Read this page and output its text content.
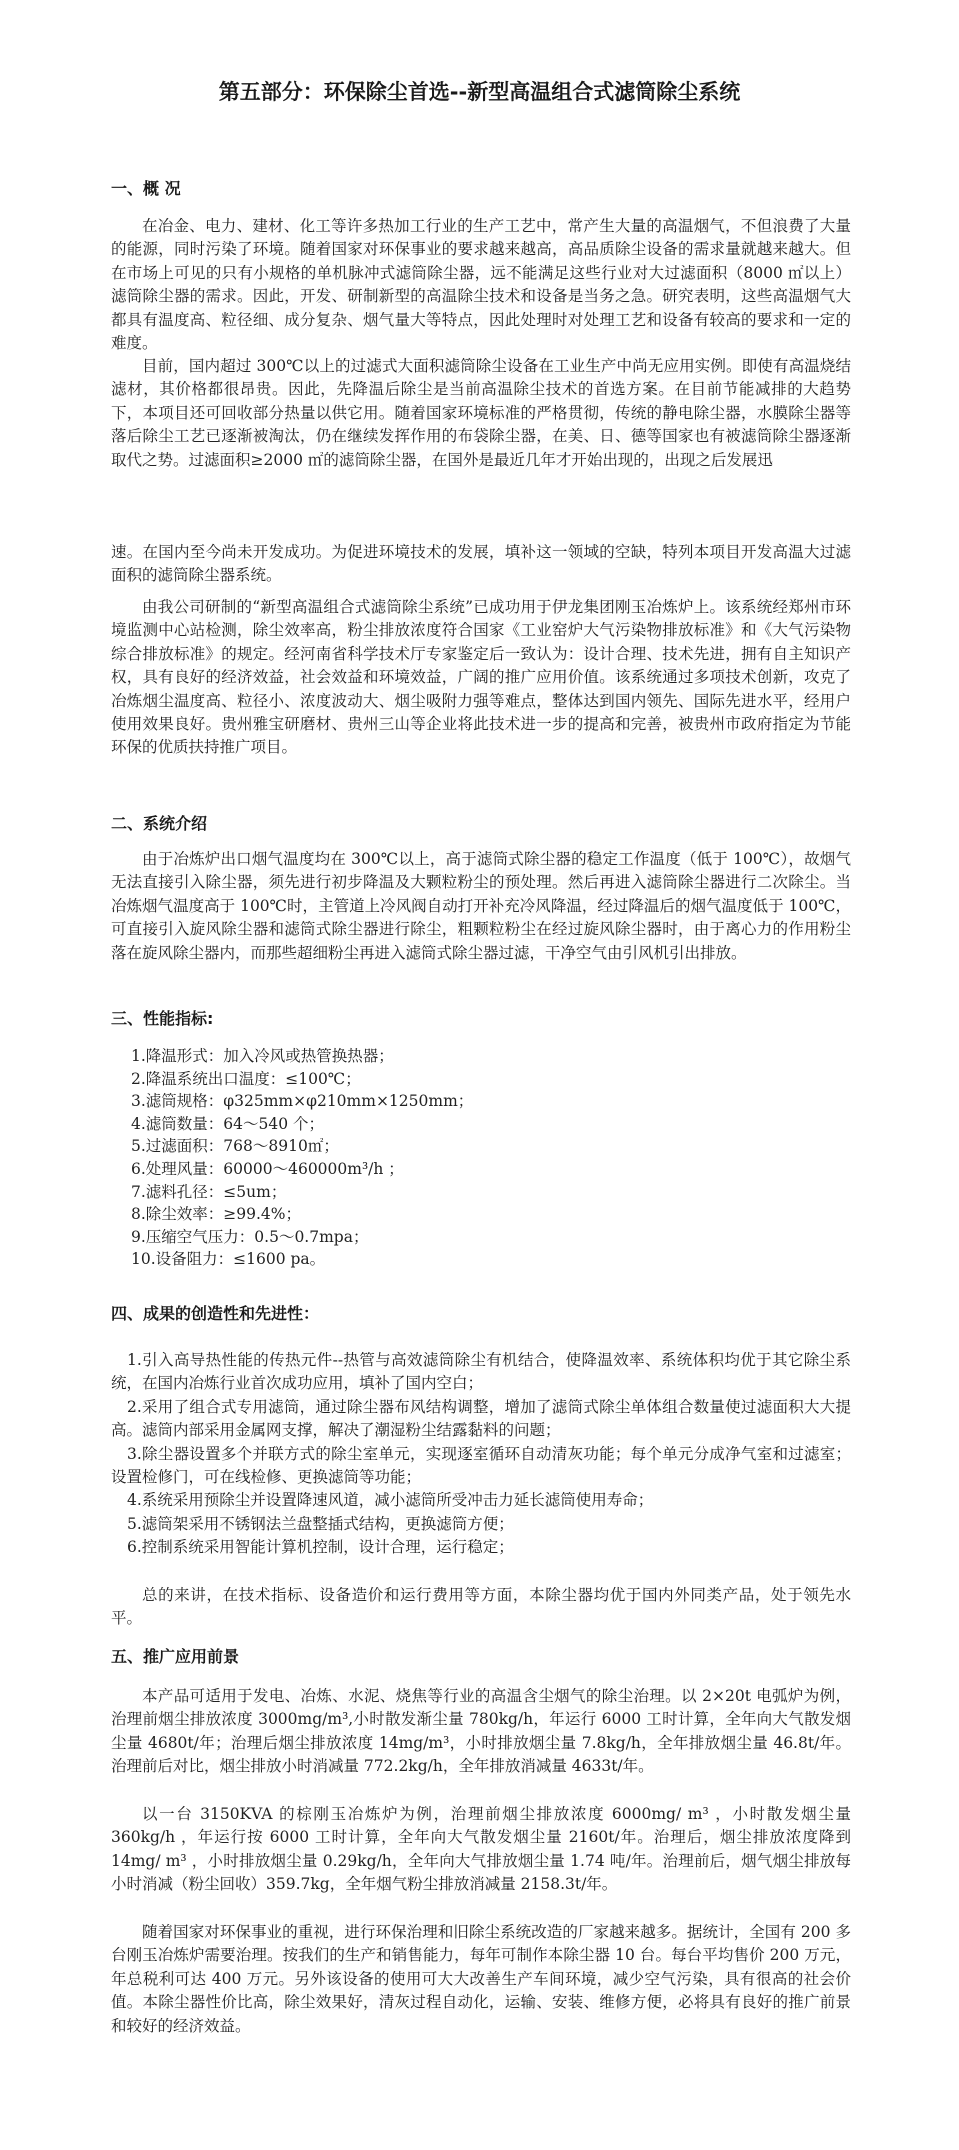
第五部分：环保除尘首选--新型高温组合式滤筒除尘系统
一、概 况

在冶金、电力、建材、化工等许多热加工行业的生产工艺中，常产生大量的高温烟气，不但浪费了大量的能源，同时污染了环境。随着国家对环保事业的要求越来越高，高品质除尘设备的需求量就越来越大。但在市场上可见的只有小规格的单机脉冲式滤筒除尘器，远不能满足这些行业对大过滤面积（8000 ㎡以上）滤筒除尘器的需求。因此，开发、研制新型的高温除尘技术和设备是当务之急。研究表明，这些高温烟气大都具有温度高、粒径细、成分复杂、烟气量大等特点，因此处理时对处理工艺和设备有较高的要求和一定的难度。

目前，国内超过 300℃以上的过滤式大面积滤筒除尘设备在工业生产中尚无应用实例。即使有高温烧结滤材，其价格都很昂贵。因此，先降温后除尘是当前高温除尘技术的首选方案。在目前节能减排的大趋势下，本项目还可回收部分热量以供它用。随着国家环境标准的严格贯彻，传统的静电除尘器，水膜除尘器等落后除尘工艺已逐渐被淘汰，仍在继续发挥作用的布袋除尘器，在美、日、德等国家也有被滤筒除尘器逐渐取代之势。过滤面积≥2000 ㎡的滤筒除尘器，在国外是最近几年才开始出现的，出现之后发展迅

速。在国内至今尚未开发成功。为促进环境技术的发展，填补这一领域的空缺，特列本项目开发高温大过滤面积的滤筒除尘器系统。

由我公司研制的“新型高温组合式滤筒除尘系统”已成功用于伊龙集团刚玉冶炼炉上。该系统经郑州市环境监测中心站检测，除尘效率高，粉尘排放浓度符合国家《工业窑炉大气污染物排放标准》和《大气污染物综合排放标准》的规定。经河南省科学技术厅专家鉴定后一致认为：设计合理、技术先进，拥有自主知识产权，具有良好的经济效益，社会效益和环境效益，广阔的推广应用价值。该系统通过多项技术创新，攻克了冶炼烟尘温度高、粒径小、浓度波动大、烟尘吸附力强等难点，整体达到国内领先、国际先进水平，经用户使用效果良好。贵州雅宝研磨材、贵州三山等企业将此技术进一步的提高和完善，被贵州市政府指定为节能环保的优质扶持推广项目。

二、系统介绍

由于冶炼炉出口烟气温度均在 300℃以上，高于滤筒式除尘器的稳定工作温度（低于 100℃），故烟气无法直接引入除尘器，须先进行初步降温及大颗粒粉尘的预处理。然后再进入滤筒除尘器进行二次除尘。当冶炼烟气温度高于 100℃时，主管道上冷风阀自动打开补充冷风降温，经过降温后的烟气温度低于 100℃，可直接引入旋风除尘器和滤筒式除尘器进行除尘，粗颗粒粉尘在经过旋风除尘器时，由于离心力的作用粉尘落在旋风除尘器内，而那些超细粉尘再进入滤筒式除尘器过滤，干净空气由引风机引出排放。

三、性能指标:
1.降温形式：加入冷风或热管换热器；
2.降温系统出口温度：≤100℃；
3.滤筒规格：φ325mm×φ210mm×1250mm；
4.滤筒数量：64～540 个；
5.过滤面积：768～8910㎡；
6.处理风量：60000～460000m³/h ；
7.滤料孔径：≤5um；
8.除尘效率：≥99.4%；
9.压缩空气压力：0.5～0.7mpa；
10.设备阻力：≤1600 pa。
四、成果的创造性和先进性：
1.引入高导热性能的传热元件--热管与高效滤筒除尘有机结合，使降温效率、系统体积均优于其它除尘系统，在国内冶炼行业首次成功应用，填补了国内空白；
2.采用了组合式专用滤筒，通过除尘器布风结构调整，增加了滤筒式除尘单体组合数量使过滤面积大大提高。滤筒内部采用金属网支撑，解决了潮湿粉尘结露黏料的问题；
3.除尘器设置多个并联方式的除尘室单元，实现逐室循环自动清灰功能；每个单元分成净气室和过滤室；设置检修门，可在线检修、更换滤筒等功能；
4.系统采用预除尘并设置降速风道，减小滤筒所受冲击力延长滤筒使用寿命；
5.滤筒架采用不锈钢法兰盘整插式结构，更换滤筒方便；
6.控制系统采用智能计算机控制，设计合理，运行稳定；

总的来讲，在技术指标、设备造价和运行费用等方面，本除尘器均优于国内外同类产品，处于领先水平。

五、推广应用前景

本产品可适用于发电、冶炼、水泥、烧焦等行业的高温含尘烟气的除尘治理。以 2×20t 电弧炉为例，治理前烟尘排放浓度 3000mg/m³,小时散发渐尘量 780kg/h，年运行 6000 工时计算，全年向大气散发烟尘量 4680t/年；治理后烟尘排放浓度 14mg/m³，小时排放烟尘量 7.8kg/h，全年排放烟尘量 46.8t/年。治理前后对比，烟尘排放小时消减量 772.2kg/h，全年排放消减量 4633t/年。

以一台 3150KVA 的棕刚玉冶炼炉为例，治理前烟尘排放浓度 6000mg/ m³ ，小时散发烟尘量 360kg/h ，年运行按 6000 工时计算，全年向大气散发烟尘量 2160t/年。治理后，烟尘排放浓度降到 14mg/ m³ ，小时排放烟尘量 0.29kg/h，全年向大气排放烟尘量 1.74 吨/年。治理前后，烟气烟尘排放每小时消减（粉尘回收）359.7kg，全年烟气粉尘排放消减量 2158.3t/年。

随着国家对环保事业的重视，进行环保治理和旧除尘系统改造的厂家越来越多。据统计，全国有 200 多台刚玉冶炼炉需要治理。按我们的生产和销售能力，每年可制作本除尘器 10 台。每台平均售价 200 万元，年总税利可达 400 万元。另外该设备的使用可大大改善生产车间环境，减少空气污染，具有很高的社会价值。本除尘器性价比高，除尘效果好，清灰过程自动化，运输、安装、维修方便，必将具有良好的推广前景和较好的经济效益。
